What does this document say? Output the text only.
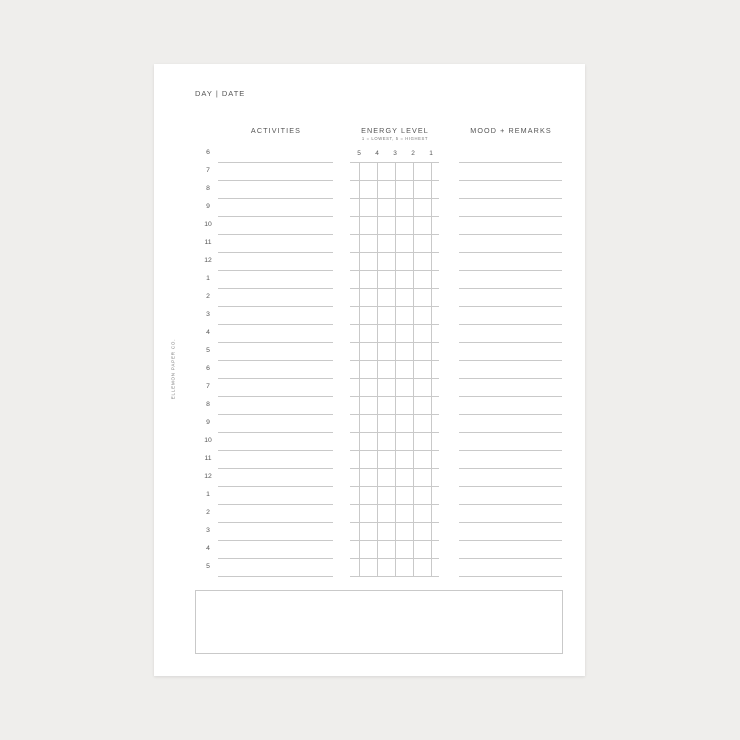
DAY | DATE
ELLEMON PAPER CO.
ACTIVITIES	ENERGY LEVEL
1 = LOWEST, 5 = HIGHEST
MOOD + REMARKS
5 4 3 2 1
6
7
8
9
10
11
12
1
2
3
4
5
6
7
8
9
10
11
12
1
2
3
4
5
